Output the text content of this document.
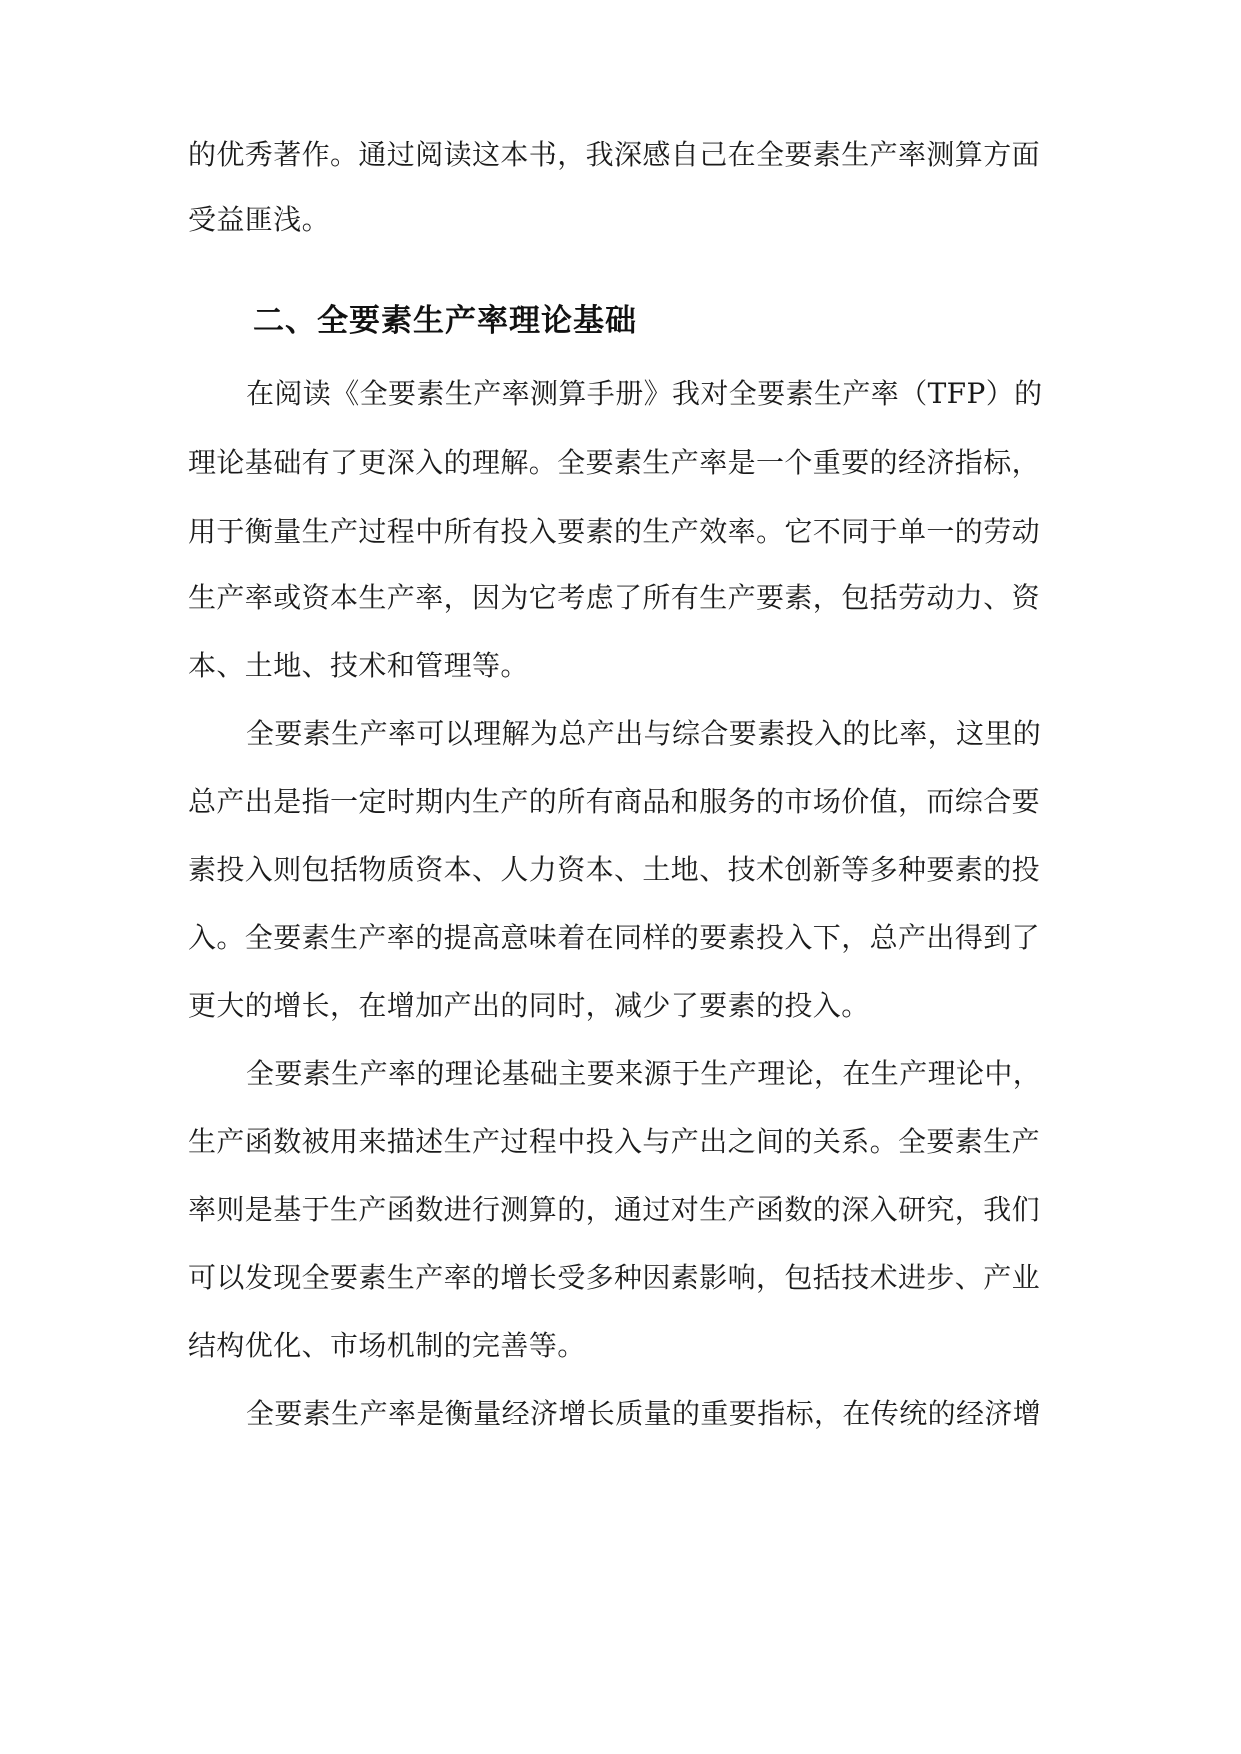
的优秀著作。通过阅读这本书，我深感自己在全要素生产率测算方面
受益匪浅。
二、全要素生产率理论基础
在阅读《全要素生产率测算手册》我对全要素生产率（TFP）的
理论基础有了更深入的理解。全要素生产率是一个重要的经济指标，
用于衡量生产过程中所有投入要素的生产效率。它不同于单一的劳动
生产率或资本生产率，因为它考虑了所有生产要素，包括劳动力、资
本、土地、技术和管理等。
全要素生产率可以理解为总产出与综合要素投入的比率，这里的
总产出是指一定时期内生产的所有商品和服务的市场价值，而综合要
素投入则包括物质资本、人力资本、土地、技术创新等多种要素的投
入。全要素生产率的提高意味着在同样的要素投入下，总产出得到了
更大的增长，在增加产出的同时，减少了要素的投入。
全要素生产率的理论基础主要来源于生产理论，在生产理论中，
生产函数被用来描述生产过程中投入与产出之间的关系。全要素生产
率则是基于生产函数进行测算的，通过对生产函数的深入研究，我们
可以发现全要素生产率的增长受多种因素影响，包括技术进步、产业
结构优化、市场机制的完善等。
全要素生产率是衡量经济增长质量的重要指标，在传统的经济增
